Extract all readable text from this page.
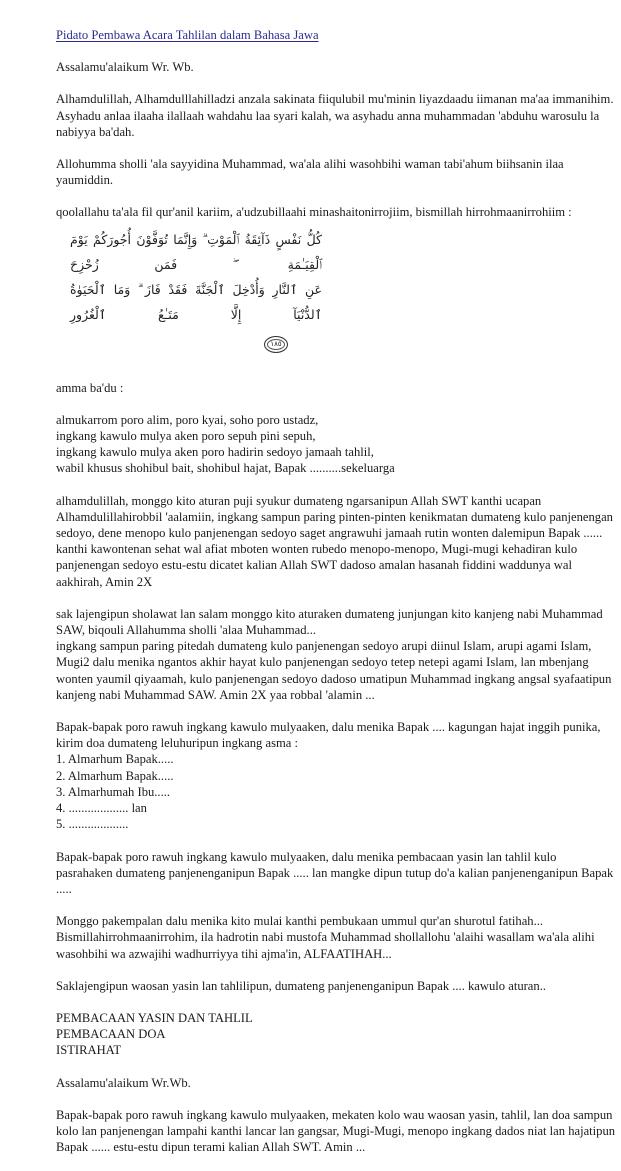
Pidato Pembawa Acara Tahlilan dalam Bahasa Jawa

Assalamu'alaikum Wr. Wb.

Alhamdulillah, Alhamdulllahilladzi anzala sakinata fiiqulubil mu'minin liyazdaadu iimanan ma'aa immanihim. Asyhadu anlaa ilaaha ilallaah wahdahu laa syari kalah, wa asyhadu anna muhammadan 'abduhu warosulu la nabiyya ba'dah.

Allohumma sholli 'ala sayyidina Muhammad, wa'ala alihi wasohbihi waman tabi'ahum biihsanin ilaa yaumiddin.

qoolallahu ta'ala fil qur'anil kariim, a'udzubillaahi minashaitonirrojiim, bismillah hirrohmaanirrohiim :

كُلُّ نَفْسٍ ذَآئِقَةُ ٱلْمَوْتِ ۗ وَإِنَّمَا تُوَفَّوْنَ أُجُورَكُمْ يَوْمَ ٱلْقِيَـٰمَةِ ۖ فَمَن زُحْزِحَ
عَنِ ٱلنَّارِ وَأُدْخِلَ ٱلْجَنَّةَ فَقَدْ فَازَ ۗ وَمَا ٱلْحَيَوٰةُ ٱلدُّنْيَآ إِلَّا مَتَـٰعُ ٱلْغُرُورِ
١٨٥

amma ba'du :

almukarrom poro alim, poro kyai, soho poro ustadz,
ingkang kawulo mulya aken poro sepuh pini sepuh,
ingkang kawulo mulya aken poro hadirin sedoyo jamaah tahlil,
wabil khusus shohibul bait, shohibul hajat, Bapak ..........sekeluarga

alhamdulillah, monggo kito aturan puji syukur dumateng ngarsanipun Allah SWT kanthi ucapan Alhamdulillahirobbil 'aalamiin, ingkang sampun paring pinten-pinten kenikmatan dumateng kulo panjenengan sedoyo, dene menopo kulo panjenengan sedoyo saget angrawuhi jamaah rutin wonten dalemipun Bapak ...... kanthi kawontenan sehat wal afiat mboten wonten rubedo menopo-menopo, Mugi-mugi kehadiran kulo panjenengan sedoyo estu-estu dicatet kalian Allah SWT dadoso amalan hasanah fiddini waddunya wal aakhirah, Amin 2X

sak lajengipun sholawat lan salam monggo kito aturaken dumateng junjungan kito kanjeng nabi Muhammad SAW, biqouli Allahumma sholli 'alaa Muhammad...
ingkang sampun paring pitedah dumateng kulo panjenengan sedoyo arupi diinul Islam, arupi agami Islam, Mugi2 dalu menika ngantos akhir hayat kulo panjenengan sedoyo tetep netepi agami Islam, lan mbenjang wonten yaumil qiyaamah, kulo panjenengan sedoyo dadoso umatipun Muhammad ingkang angsal syafaatipun kanjeng nabi Muhammad SAW. Amin 2X yaa robbal 'alamin ...

Bapak-bapak poro rawuh ingkang kawulo mulyaaken, dalu menika Bapak .... kagungan hajat inggih punika, kirim doa dumateng leluhuripun ingkang asma :
1. Almarhum Bapak.....
2. Almarhum Bapak.....
3. Almarhumah Ibu.....
4. ................... lan
5. ...................

Bapak-bapak poro rawuh ingkang kawulo mulyaaken, dalu menika pembacaan yasin lan tahlil kulo pasrahaken dumateng panjenenganipun Bapak ..... lan mangke dipun tutup do'a kalian panjenenganipun Bapak .....

Monggo pakempalan dalu menika kito mulai kanthi pembukaan ummul qur'an shurotul fatihah...
Bismillahirrohmaanirrohim, ila hadrotin nabi mustofa Muhammad shollallohu 'alaihi wasallam wa'ala alihi wasohbihi wa azwajihi wadhurriyya tihi ajma'in, ALFAATIHAH...

Saklajengipun waosan yasin lan tahlilipun, dumateng panjenenganipun Bapak .... kawulo aturan..

PEMBACAAN YASIN DAN TAHLIL
PEMBACAAN DOA
ISTIRAHAT

Assalamu'alaikum Wr.Wb.

Bapak-bapak poro rawuh ingkang kawulo mulyaaken, mekaten kolo wau waosan yasin, tahlil, lan doa sampun kolo lan panjenengan lampahi kanthi lancar lan gangsar, Mugi-Mugi, menopo ingkang dados niat lan hajatipun Bapak ...... estu-estu dipun terami kalian Allah SWT. Amin ...
